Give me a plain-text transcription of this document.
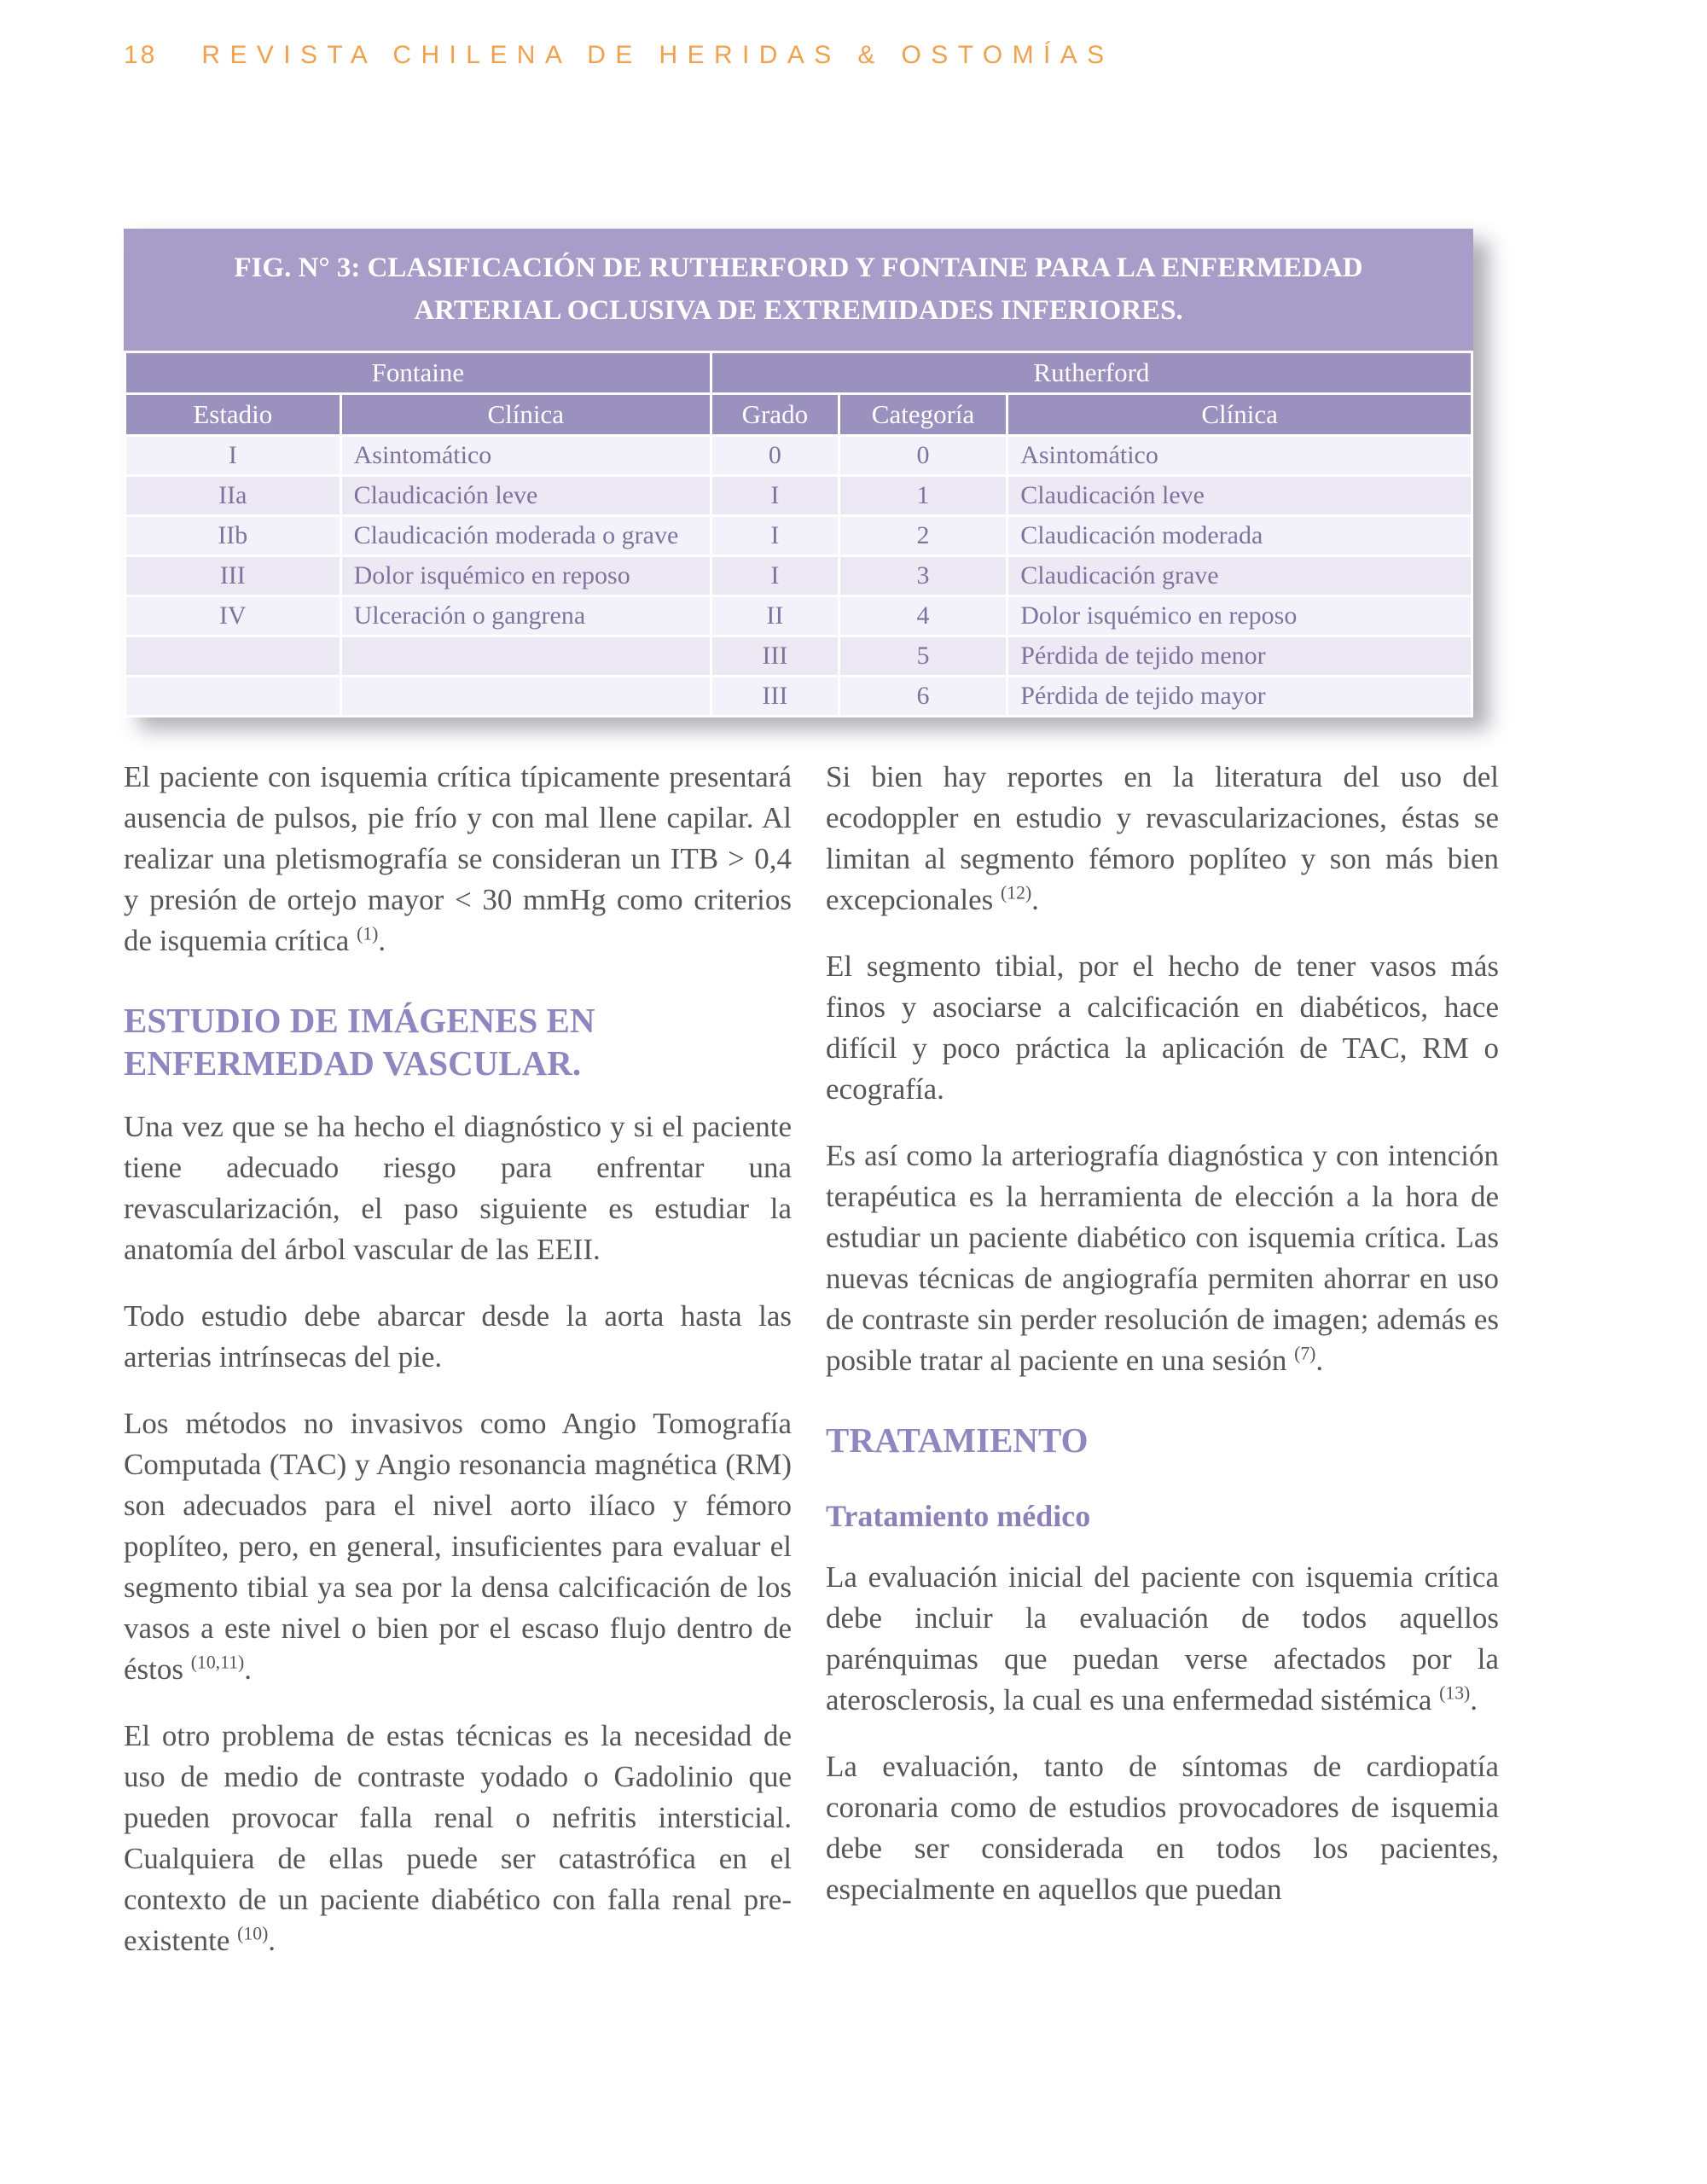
18 REVISTA CHILENA DE HERIDAS & OSTOMÍAS
FIG. N° 3: CLASIFICACIÓN DE RUTHERFORD Y FONTAINE PARA LA ENFERMEDAD ARTERIAL OCLUSIVA DE EXTREMIDADES INFERIORES.
Fontaine		Rutherford		
Estadio	Clínica	Grado	Categoría	Clínica
I	Asintomático	0	0	Asintomático
IIa	Claudicación leve	I	1	Claudicación leve
IIb	Claudicación moderada o grave	I	2	Claudicación moderada
III	Dolor isquémico en reposo	I	3	Claudicación grave
IV	Ulceración o gangrena	II	4	Dolor isquémico en reposo
		III	5	Pérdida de tejido menor
		III	6	Pérdida de tejido mayor

El paciente con isquemia crítica típicamente presentará ausencia de pulsos, pie frío y con mal llene capilar. Al realizar una pletismografía se consideran un ITB > 0,4 y presión de ortejo mayor < 30 mmHg como criterios de isquemia crítica $^{(1)}$.

ESTUDIO DE IMÁGENES EN ENFERMEDAD VASCULAR.

Una vez que se ha hecho el diagnóstico y si el paciente tiene adecuado riesgo para enfrentar una revascularización, el paso siguiente es estudiar la anatomía del árbol vascular de las EEII.

Todo estudio debe abarcar desde la aorta hasta las arterias intrínsecas del pie.

Los métodos no invasivos como Angio Tomografía Computada (TAC) y Angio resonancia magnética (RM) son adecuados para el nivel aorto ilíaco y fémoro poplíteo, pero, en general, insuficientes para evaluar el segmento tibial ya sea por la densa calcificación de los vasos a este nivel o bien por el escaso flujo dentro de éstos $^{(10,11)}$.

El otro problema de estas técnicas es la necesidad de uso de medio de contraste yodado o Gadolinio que pueden provocar falla renal o nefritis intersticial. Cualquiera de ellas puede ser catastrófica en el contexto de un paciente diabético con falla renal pre-existente $^{(10)}$.

Si bien hay reportes en la literatura del uso del ecodoppler en estudio y revascularizaciones, éstas se limitan al segmento fémoro poplíteo y son más bien excepcionales $^{(12)}$.

El segmento tibial, por el hecho de tener vasos más finos y asociarse a calcificación en diabéticos, hace difícil y poco práctica la aplicación de TAC, RM o ecografía.

Es así como la arteriografía diagnóstica y con intención terapéutica es la herramienta de elección a la hora de estudiar un paciente diabético con isquemia crítica. Las nuevas técnicas de angiografía permiten ahorrar en uso de contraste sin perder resolución de imagen; además es posible tratar al paciente en una sesión $^{(7)}$.

TRATAMIENTO
Tratamiento médico

La evaluación inicial del paciente con isquemia crítica debe incluir la evaluación de todos aquellos parénquimas que puedan verse afectados por la aterosclerosis, la cual es una enfermedad sistémica $^{(13)}$.

La evaluación, tanto de síntomas de cardiopatía coronaria como de estudios provocadores de isquemia debe ser considerada en todos los pacientes, especialmente en aquellos que puedan
